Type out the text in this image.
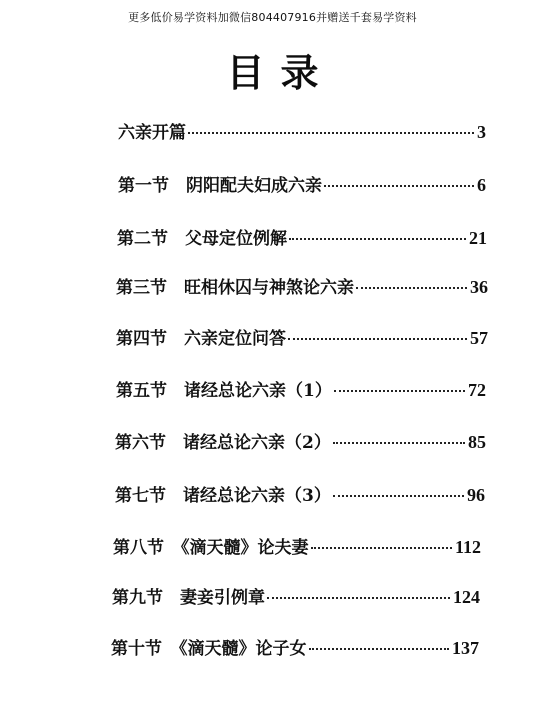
更多低价易学资料加微信804407916并赠送千套易学资料
目录
六亲开篇	3
第一节　阴阳配夫妇成六亲	6
第二节　父母定位例解	21
第三节　旺相休囚与神煞论六亲	36
第四节　六亲定位问答	57
第五节　诸经总论六亲（1）	72
第六节　诸经总论六亲（2）	85
第七节　诸经总论六亲（3）	96
第八节　《滴天髓》论夫妻	112
第九节　妻妾引例章	124
第十节　《滴天髓》论子女	137
